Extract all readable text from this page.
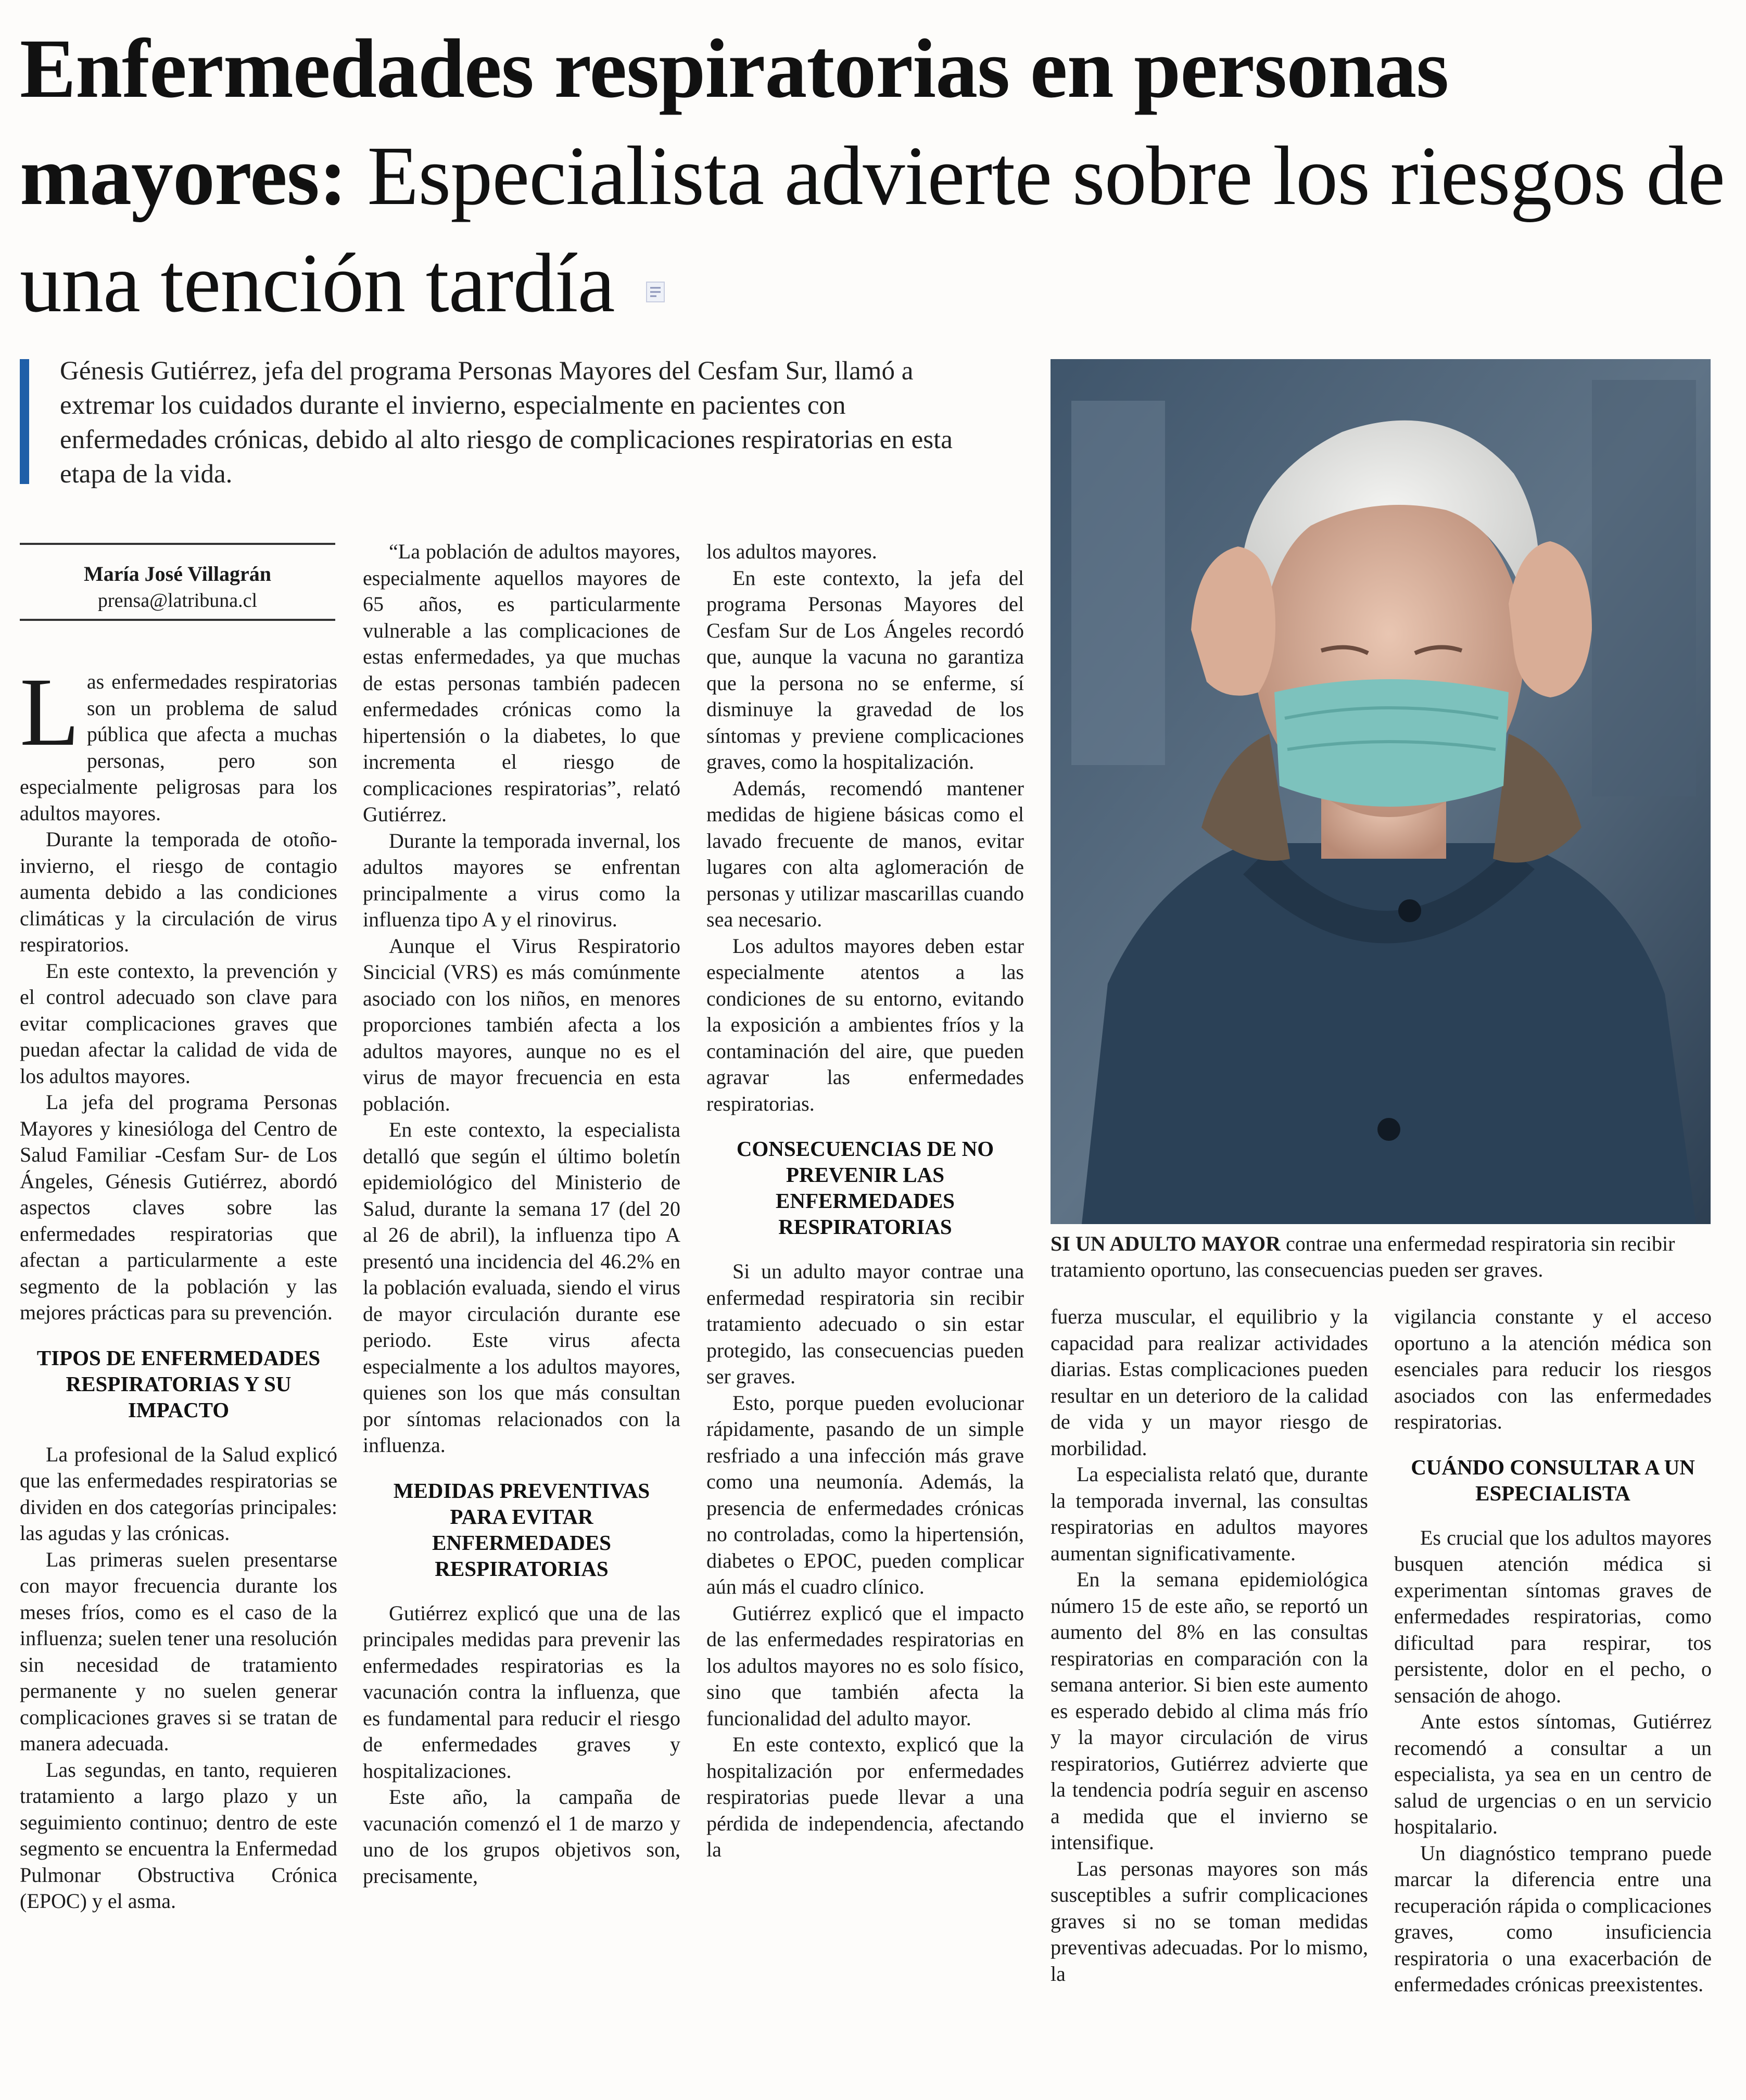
Enfermedades respiratorias en personas mayores: Especialista advierte sobre los riesgos de una tención tardía

Génesis Gutiérrez, jefa del programa Personas Mayores del Cesfam Sur, llamó a extremar los cuidados durante el invierno, especialmente en pacientes con enfermedades crónicas, debido al alto riesgo de complicaciones respiratorias en esta etapa de la vida.

María José Villagrán
prensa@latribuna.cl

Las enfermedades respiratorias son un problema de salud pública que afecta a muchas personas, pero son especialmente peligrosas para los adultos mayores.

Durante la temporada de otoño-invierno, el riesgo de contagio aumenta debido a las condiciones climáticas y la circulación de virus respiratorios.

En este contexto, la prevención y el control adecuado son clave para evitar complicaciones graves que puedan afectar la calidad de vida de los adultos mayores.

La jefa del programa Personas Mayores y kinesióloga del Centro de Salud Familiar -Cesfam Sur- de Los Ángeles, Génesis Gutiérrez, abordó aspectos claves sobre las enfermedades respiratorias que afectan a particularmente a este segmento de la población y las mejores prácticas para su prevención.

TIPOS DE ENFERMEDADES RESPIRATORIAS Y SU IMPACTO

La profesional de la Salud explicó que las enfermedades respiratorias se dividen en dos categorías principales: las agudas y las crónicas.

Las primeras suelen presentarse con mayor frecuencia durante los meses fríos, como es el caso de la influenza; suelen tener una resolución sin necesidad de tratamiento permanente y no suelen generar complicaciones graves si se tratan de manera adecuada.

Las segundas, en tanto, requieren tratamiento a largo plazo y un seguimiento continuo; dentro de este segmento se encuentra la Enfermedad Pulmonar Obstructiva Crónica (EPOC) y el asma.

“La población de adultos mayores, especialmente aquellos mayores de 65 años, es particularmente vulnerable a las complicaciones de estas enfermedades, ya que muchas de estas personas también padecen enfermedades crónicas como la hipertensión o la diabetes, lo que incrementa el riesgo de complicaciones respiratorias”, relató Gutiérrez.

Durante la temporada invernal, los adultos mayores se enfrentan principalmente a virus como la influenza tipo A y el rinovirus.

Aunque el Virus Respiratorio Sincicial (VRS) es más comúnmente asociado con los niños, en menores proporciones también afecta a los adultos mayores, aunque no es el virus de mayor frecuencia en esta población.

En este contexto, la especialista detalló que según el último boletín epidemiológico del Ministerio de Salud, durante la semana 17 (del 20 al 26 de abril), la influenza tipo A presentó una incidencia del 46.2% en la población evaluada, siendo el virus de mayor circulación durante ese periodo. Este virus afecta especialmente a los adultos mayores, quienes son los que más consultan por síntomas relacionados con la influenza.

MEDIDAS PREVENTIVAS PARA EVITAR ENFERMEDADES RESPIRATORIAS

Gutiérrez explicó que una de las principales medidas para prevenir las enfermedades respiratorias es la vacunación contra la influenza, que es fundamental para reducir el riesgo de enfermedades graves y hospitalizaciones.

Este año, la campaña de vacunación comenzó el 1 de marzo y uno de los grupos objetivos son, precisamente,

los adultos mayores.

En este contexto, la jefa del programa Personas Mayores del Cesfam Sur de Los Ángeles recordó que, aunque la vacuna no garantiza que la persona no se enferme, sí disminuye la gravedad de los síntomas y previene complicaciones graves, como la hospitalización.

Además, recomendó mantener medidas de higiene básicas como el lavado frecuente de manos, evitar lugares con alta aglomeración de personas y utilizar mascarillas cuando sea necesario.

Los adultos mayores deben estar especialmente atentos a las condiciones de su entorno, evitando la exposición a ambientes fríos y la contaminación del aire, que pueden agravar las enfermedades respiratorias.

CONSECUENCIAS DE NO PREVENIR LAS ENFERMEDADES RESPIRATORIAS

Si un adulto mayor contrae una enfermedad respiratoria sin recibir tratamiento adecuado o sin estar protegido, las consecuencias pueden ser graves.

Esto, porque pueden evolucionar rápidamente, pasando de un simple resfriado a una infección más grave como una neumonía. Además, la presencia de enfermedades crónicas no controladas, como la hipertensión, diabetes o EPOC, pueden complicar aún más el cuadro clínico.

Gutiérrez explicó que el impacto de las enfermedades respiratorias en los adultos mayores no es solo físico, sino que también afecta la funcionalidad del adulto mayor.

En este contexto, explicó que la hospitalización por enfermedades respiratorias puede llevar a una pérdida de independencia, afectando la

SI UN ADULTO MAYOR contrae una enfermedad respiratoria sin recibir tratamiento oportuno, las consecuencias pueden ser graves.

fuerza muscular, el equilibrio y la capacidad para realizar actividades diarias. Estas complicaciones pueden resultar en un deterioro de la calidad de vida y un mayor riesgo de morbilidad.

La especialista relató que, durante la temporada invernal, las consultas respiratorias en adultos mayores aumentan significativamente.

En la semana epidemiológica número 15 de este año, se reportó un aumento del 8% en las consultas respiratorias en comparación con la semana anterior. Si bien este aumento es esperado debido al clima más frío y la mayor circulación de virus respiratorios, Gutiérrez advierte que la tendencia podría seguir en ascenso a medida que el invierno se intensifique.

Las personas mayores son más susceptibles a sufrir complicaciones graves si no se toman medidas preventivas adecuadas. Por lo mismo, la

vigilancia constante y el acceso oportuno a la atención médica son esenciales para reducir los riesgos asociados con las enfermedades respiratorias.

CUÁNDO CONSULTAR A UN ESPECIALISTA

Es crucial que los adultos mayores busquen atención médica si experimentan síntomas graves de enfermedades respiratorias, como dificultad para respirar, tos persistente, dolor en el pecho, o sensación de ahogo.

Ante estos síntomas, Gutiérrez recomendó a consultar a un especialista, ya sea en un centro de salud de urgencias o en un servicio hospitalario.

Un diagnóstico temprano puede marcar la diferencia entre una recuperación rápida o complicaciones graves, como insuficiencia respiratoria o una exacerbación de enfermedades crónicas preexistentes.
